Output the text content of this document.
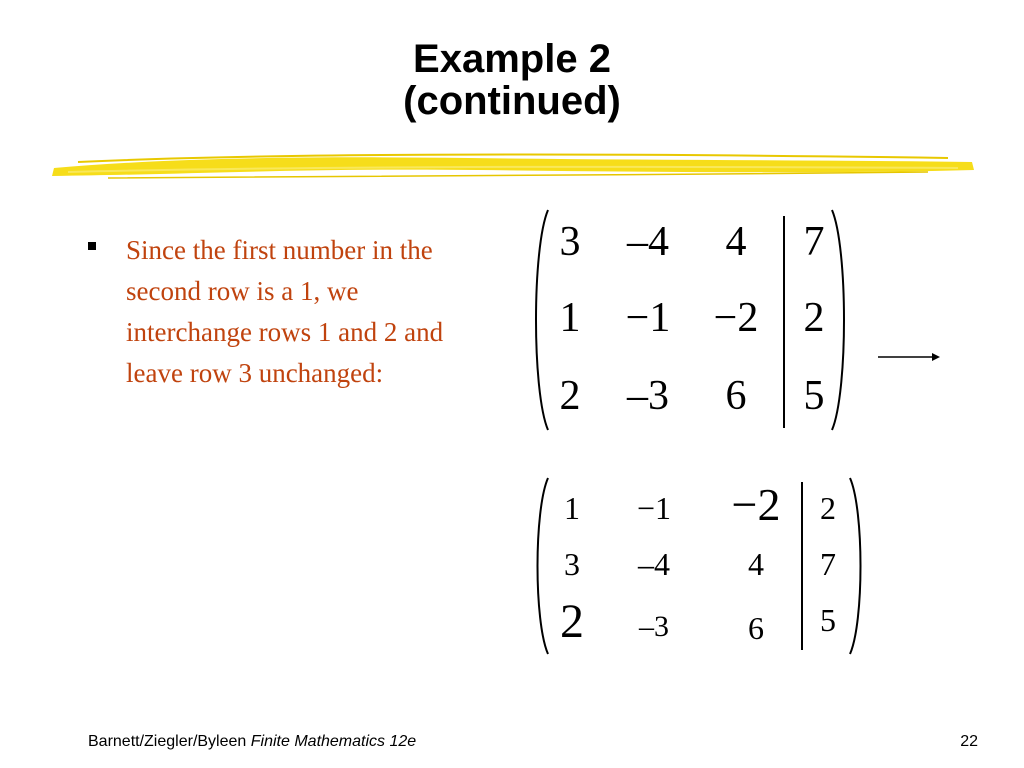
Example 2
(continued)
Since the first number in the second row is a 1, we interchange rows 1 and 2 and leave row 3 unchanged:
3 –4 4 7
1 −1 −2 2
2 –3 6 5
1 −1 −2 2
3 –4 4 7
2 –3 6 5
Barnett/Ziegler/Byleen Finite Mathematics 12e	22
